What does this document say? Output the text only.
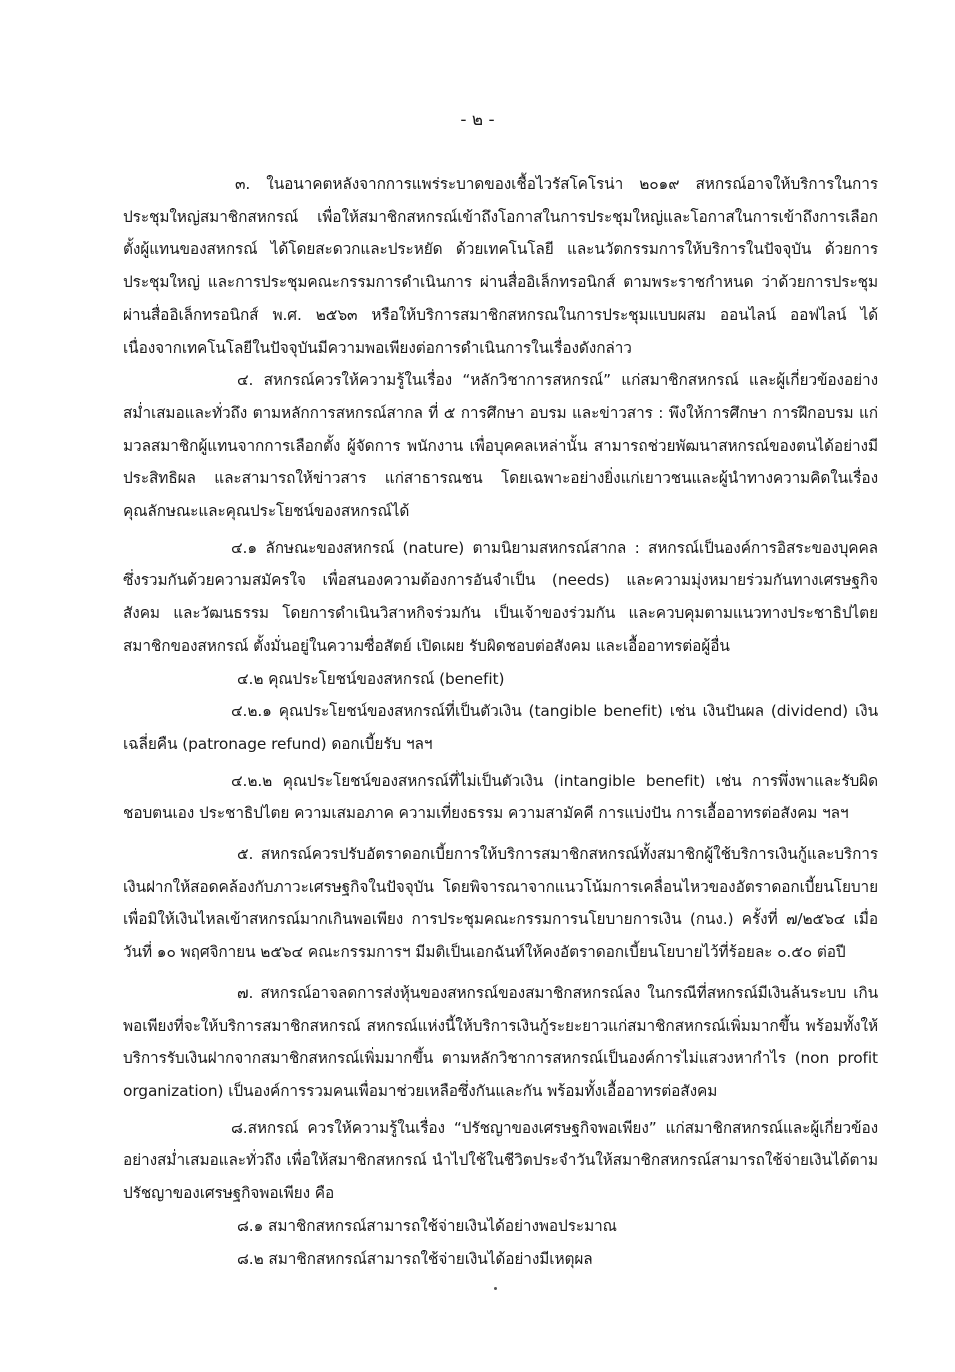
- ๒ -

๓. ในอนาคตหลังจากการแพร่ระบาดของเชื้อไวรัสโคโรน่า ๒๐๑๙ สหกรณ์อาจให้บริการในการประชุมใหญ่สมาชิกสหกรณ์ เพื่อให้สมาชิกสหกรณ์เข้าถึงโอกาสในการประชุมใหญ่และโอกาสในการเข้าถึงการเลือกตั้งผู้แทนของสหกรณ์ ได้โดยสะดวกและประหยัด ด้วยเทคโนโลยี และนวัตกรรมการให้บริการในปัจจุบัน ด้วยการประชุมใหญ่ และการประชุมคณะกรรมการดำเนินการ ผ่านสื่ออิเล็กทรอนิกส์ ตามพระราชกำหนด ว่าด้วยการประชุมผ่านสื่ออิเล็กทรอนิกส์ พ.ศ. ๒๕๖๓ หรือให้บริการสมาชิกสหกรณในการประชุมแบบผสม ออนไลน์ ออฟไลน์ ได้ เนื่องจากเทคโนโลยีในปัจจุบันมีความพอเพียงต่อการดำเนินการในเรื่องดังกล่าว

๔. สหกรณ์ควรให้ความรู้ในเรื่อง “หลักวิชาการสหกรณ์” แก่สมาชิกสหกรณ์ และผู้เกี่ยวข้องอย่างสม่ำเสมอและทั่วถึง ตามหลักการสหกรณ์สากล ที่ ๕ การศึกษา อบรม และข่าวสาร : พึงให้การศึกษา การฝึกอบรม แก่มวลสมาชิกผู้แทนจากการเลือกตั้ง ผู้จัดการ พนักงาน เพื่อบุคคลเหล่านั้น สามารถช่วยพัฒนาสหกรณ์ของตนได้อย่างมีประสิทธิผล และสามารถให้ข่าวสาร แก่สาธารณชน โดยเฉพาะอย่างยิ่งแก่เยาวชนและผู้นำทางความคิดในเรื่อง คุณลักษณะและคุณประโยชน์ของสหกรณ์ได้

๔.๑ ลักษณะของสหกรณ์ (nature) ตามนิยามสหกรณ์สากล : สหกรณ์เป็นองค์การอิสระของบุคคล ซึ่งรวมกันด้วยความสมัครใจ เพื่อสนองความต้องการอันจำเป็น (needs) และความมุ่งหมายร่วมกันทางเศรษฐกิจ สังคม และวัฒนธรรม โดยการดำเนินวิสาหกิจร่วมกัน เป็นเจ้าของร่วมกัน และควบคุมตามแนวทางประชาธิปไตย สมาชิกของสหกรณ์ ตั้งมั่นอยู่ในความซื่อสัตย์ เปิดเผย รับผิดชอบต่อสังคม และเอื้ออาทรต่อผู้อื่น

๔.๒ คุณประโยชน์ของสหกรณ์ (benefit)

๔.๒.๑ คุณประโยชน์ของสหกรณ์ที่เป็นตัวเงิน (tangible benefit) เช่น เงินปันผล (dividend) เงินเฉลี่ยคืน (patronage refund) ดอกเบี้ยรับ ฯลฯ

๔.๒.๒ คุณประโยชน์ของสหกรณ์ที่ไม่เป็นตัวเงิน (intangible benefit) เช่น การพึ่งพาและรับผิดชอบตนเอง ประชาธิปไตย ความเสมอภาค ความเที่ยงธรรม ความสามัคคี การแบ่งปัน การเอื้ออาทรต่อสังคม ฯลฯ

๕. สหกรณ์ควรปรับอัตราดอกเบี้ยการให้บริการสมาชิกสหกรณ์ทั้งสมาชิกผู้ใช้บริการเงินกู้และบริการเงินฝากให้สอดคล้องกับภาวะเศรษฐกิจในปัจจุบัน โดยพิจารณาจากแนวโน้มการเคลื่อนไหวของอัตราดอกเบี้ยนโยบาย เพื่อมิให้เงินไหลเข้าสหกรณ์มากเกินพอเพียง การประชุมคณะกรรมการนโยบายการเงิน (กนง.) ครั้งที่ ๗/๒๕๖๔ เมื่อวันที่ ๑๐ พฤศจิกายน ๒๕๖๔ คณะกรรมการฯ มีมติเป็นเอกฉันท์ให้คงอัตราดอกเบี้ยนโยบายไว้ที่ร้อยละ ๐.๕๐ ต่อปี

๗. สหกรณ์อาจลดการส่งหุ้นของสหกรณ์ของสมาชิกสหกรณ์ลง ในกรณีที่สหกรณ์มีเงินล้นระบบ เกินพอเพียงที่จะให้บริการสมาชิกสหกรณ์ สหกรณ์แห่งนี้ให้บริการเงินกู้ระยะยาวแก่สมาชิกสหกรณ์เพิ่มมากขึ้น พร้อมทั้งให้บริการรับเงินฝากจากสมาชิกสหกรณ์เพิ่มมากขึ้น ตามหลักวิชาการสหกรณ์เป็นองค์การไม่แสวงหากำไร (non profit organization) เป็นองค์การรวมคนเพื่อมาช่วยเหลือซึ่งกันและกัน พร้อมทั้งเอื้ออาทรต่อสังคม

๘.สหกรณ์ ควรให้ความรู้ในเรื่อง “ปรัชญาของเศรษฐกิจพอเพียง” แก่สมาชิกสหกรณ์และผู้เกี่ยวข้องอย่างสม่ำเสมอและทั่วถึง เพื่อให้สมาชิกสหกรณ์ นำไปใช้ในชีวิตประจำวันให้สมาชิกสหกรณ์สามารถใช้จ่ายเงินได้ตามปรัชญาของเศรษฐกิจพอเพียง คือ

๘.๑ สมาชิกสหกรณ์สามารถใช้จ่ายเงินได้อย่างพอประมาณ

๘.๒ สมาชิกสหกรณ์สามารถใช้จ่ายเงินได้อย่างมีเหตุผล
